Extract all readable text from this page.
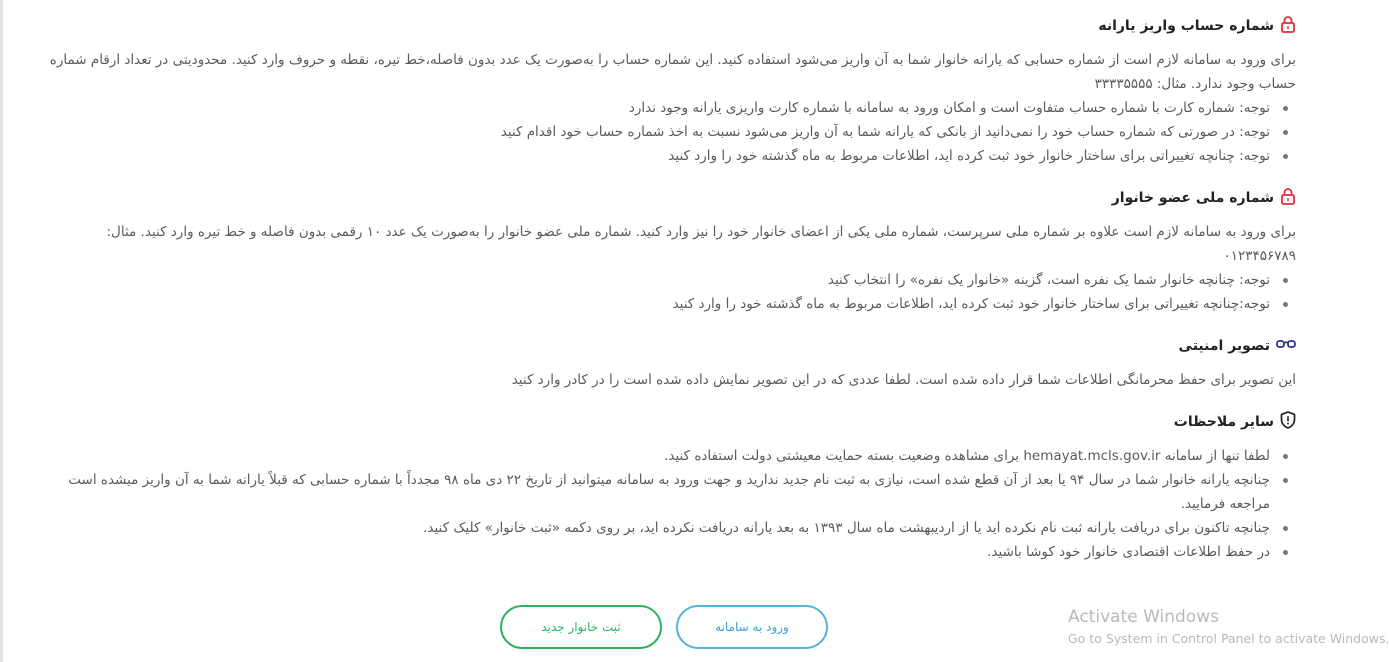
شماره حساب واریز یارانه

برای ورود به سامانه لازم است از شماره حسابی که یارانه خانوار شما به آن واریز می‌شود استفاده کنید. این شماره حساب را به‌صورت یک عدد بدون فاصله،خط تیره، نقطه و حروف وارد کنید. محدودیتی در تعداد ارقام شماره حساب وجود ندارد. مثال: ۳۳۳۳۵۵۵۵

توجه: شماره کارت با شماره حساب متفاوت است و امکان ورود به سامانه با شماره کارت واریزی یارانه وجود ندارد
توجه: در صورتی که شماره حساب خود را نمی‌دانید از بانکی که یارانه شما به آن واریز می‌شود نسبت به اخذ شماره حساب خود اقدام کنید
توجه: چنانچه تغییراتی برای ساختار خانوار خود ثبت کرده اید، اطلاعات مربوط به ماه گذشته خود را وارد کنید
شماره ملی عضو خانوار

برای ورود به سامانه لازم است علاوه بر شماره ملی سرپرست، شماره ملی یکی از اعضای خانوار خود را نیز وارد کنید. شماره ملی عضو خانوار را به‌صورت یک عدد ۱۰ رقمی بدون فاصله و خط تیره وارد کنید. مثال: ۰۱۲۳۴۵۶۷۸۹

توجه: چنانچه خانوار شما یک نفره است، گزینه «خانوار یک نفره» را انتخاب کنید
توجه:چنانچه تغییراتی برای ساختار خانوار خود ثبت کرده اید، اطلاعات مربوط به ماه گذشته خود را وارد کنید
تصویر امنیتی

این تصویر برای حفظ محرمانگی اطلاعات شما قرار داده شده است. لطفا عددی که در این تصویر نمایش داده شده است را در کادر وارد کنید

سایر ملاحظات
لطفا تنها از سامانه hemayat.mcls.gov.ir برای مشاهده وضعیت بسته حمایت معیشتی دولت استفاده کنید.
چنانچه یارانه خانوار شما در سال ۹۴ یا بعد از آن قطع شده است، نیازی به ثبت نام جدید ندارید و جهت ورود به سامانه میتوانید از تاریخ ۲۲ دی ماه ۹۸ مجدداً با شماره حسابی که قبلاً یارانه شما به آن واریز میشده است مراجعه فرمایید.
چنانچه تاکنون برای دریافت یارانه ثبت نام نکرده اید یا از اردیبهشت ماه سال ۱۳۹۳ به بعد یارانه دریافت نکرده اید، بر روی دکمه «ثبت خانوار» کلیک کنید.
در حفظ اطلاعات اقتصادی خانوار خود کوشا باشید.
ثبت خانوار جدید	ورود به سامانه	Activate Windows
Go to System in Control Panel to activate Windows.
